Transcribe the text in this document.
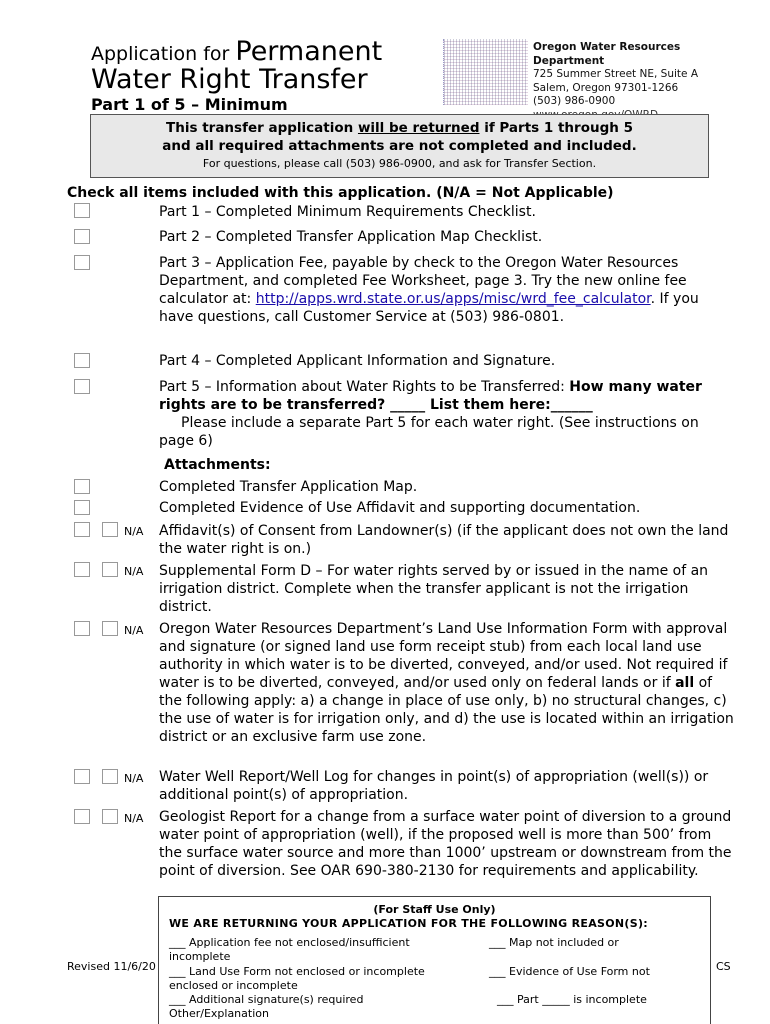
Application for Permanent
Water Right Transfer
Part 1 of 5 – Minimum
Oregon Water Resources Department
725 Summer Street NE, Suite A
Salem, Oregon 97301-1266
(503) 986-0900
This transfer application will be returned if Parts 1 through 5
and all required attachments are not completed and included.
For questions, please call (503) 986-0900, and ask for Transfer Section.
Check all items included with this application. (N/A = Not Applicable)
Part 1 – Completed Minimum Requirements Checklist.
Part 2 – Completed Transfer Application Map Checklist.
Part 3 – Application Fee, payable by check to the Oregon Water Resources Department, and completed Fee Worksheet, page 3. Try the new online fee calculator at: http://apps.wrd.state.or.us/apps/misc/wrd_fee_calculator. If you have questions, call Customer Service at (503) 986-0801.
Part 4 – Completed Applicant Information and Signature.
Part 5 – Information about Water Rights to be Transferred: How many water rights are to be transferred? _____ List them here:______
Please include a separate Part 5 for each water right. (See instructions on page 6)
Attachments:
Completed Transfer Application Map.
Completed Evidence of Use Affidavit and supporting documentation.
N/A Affidavit(s) of Consent from Landowner(s) (if the applicant does not own the land the water right is on.)
N/A Supplemental Form D – For water rights served by or issued in the name of an irrigation district. Complete when the transfer applicant is not the irrigation district.
N/A Oregon Water Resources Department’s Land Use Information Form with approval and signature (or signed land use form receipt stub) from each local land use authority in which water is to be diverted, conveyed, and/or used. Not required if water is to be diverted, conveyed, and/or used only on federal lands or if all of the following apply: a) a change in place of use only, b) no structural changes, c) the use of water is for irrigation only, and d) the use is located within an irrigation district or an exclusive farm use zone.
N/A Water Well Report/Well Log for changes in point(s) of appropriation (well(s)) or additional point(s) of appropriation.
N/A Geologist Report for a change from a surface water point of diversion to a ground water point of appropriation (well), if the proposed well is more than 500’ from the surface water source and more than 1000’ upstream or downstream from the point of diversion. See OAR 690-380-2130 for requirements and applicability.
Revised 11/6/20	CS
(For Staff Use Only)
WE ARE RETURNING YOUR APPLICATION FOR THE FOLLOWING REASON(S):
___ Application fee not enclosed/insufficient	___ Map not included or
incomplete
___ Land Use Form not enclosed or incomplete	___ Evidence of Use Form not
enclosed or incomplete
___ Additional signature(s) required	___ Part _____ is incomplete
Other/Explanation
